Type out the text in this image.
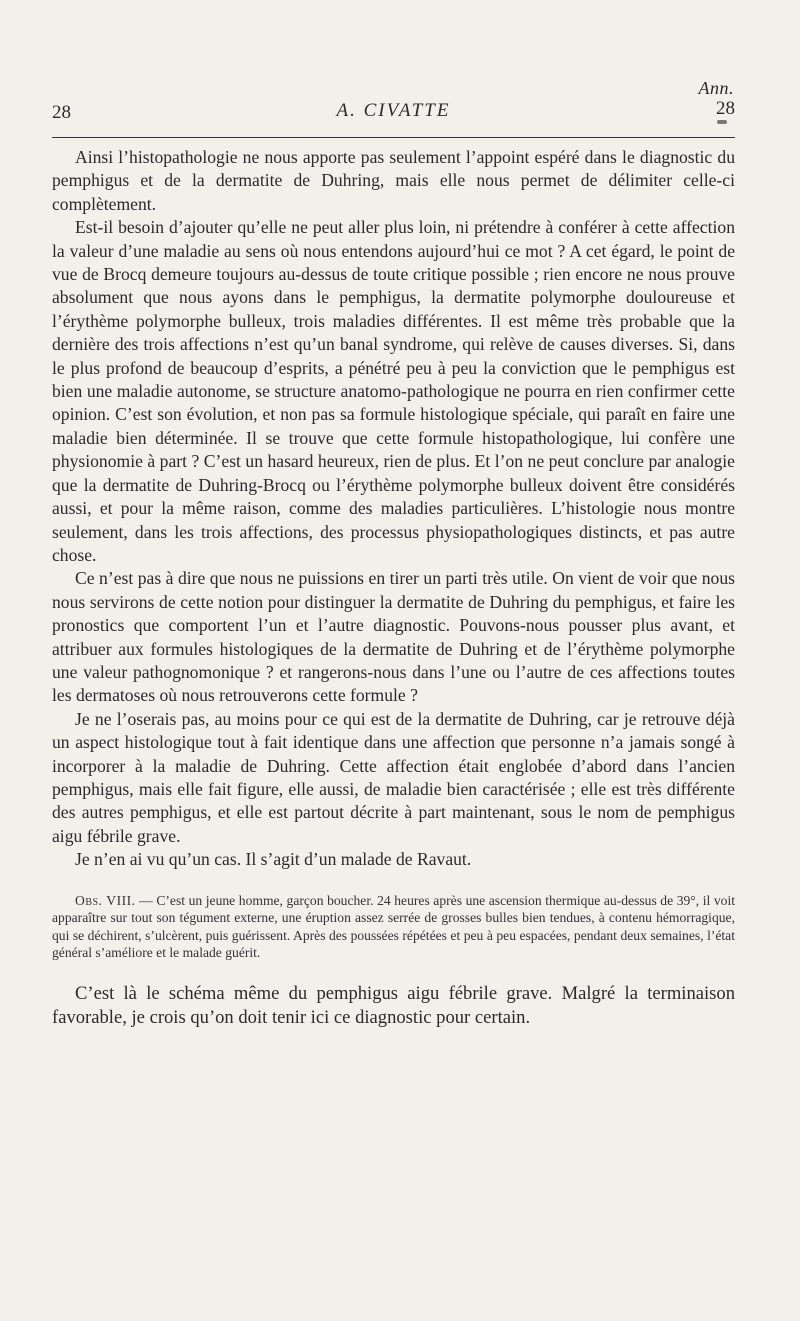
Ann.
28	A. CIVATTE	28

Ainsi l’histopathologie ne nous apporte pas seulement l’appoint espéré dans le diagnostic du pemphigus et de la dermatite de Duhring, mais elle nous permet de délimiter celle-ci complètement.

Est-il besoin d’ajouter qu’elle ne peut aller plus loin, ni prétendre à conférer à cette affection la valeur d’une maladie au sens où nous entendons aujourd’hui ce mot ? A cet égard, le point de vue de Brocq demeure toujours au-dessus de toute critique possible ; rien encore ne nous prouve absolument que nous ayons dans le pemphigus, la dermatite polymorphe douloureuse et l’érythème polymorphe bulleux, trois maladies différentes. Il est même très probable que la dernière des trois affections n’est qu’un banal syndrome, qui relève de causes diverses. Si, dans le plus profond de beaucoup d’esprits, a pénétré peu à peu la conviction que le pemphigus est bien une maladie autonome, se structure anatomo-pathologique ne pourra en rien confirmer cette opinion. C’est son évolution, et non pas sa formule histologique spéciale, qui paraît en faire une maladie bien déterminée. Il se trouve que cette formule histopathologique, lui confère une physionomie à part ? C’est un hasard heureux, rien de plus. Et l’on ne peut conclure par analogie que la dermatite de Duhring-Brocq ou l’érythème polymorphe bulleux doivent être considérés aussi, et pour la même raison, comme des maladies particulières. L’histologie nous montre seulement, dans les trois affections, des processus physiopathologiques distincts, et pas autre chose.

Ce n’est pas à dire que nous ne puissions en tirer un parti très utile. On vient de voir que nous nous servirons de cette notion pour distinguer la dermatite de Duhring du pemphigus, et faire les pronostics que comportent l’un et l’autre diagnostic. Pouvons-nous pousser plus avant, et attribuer aux formules histologiques de la dermatite de Duhring et de l’érythème polymorphe une valeur pathognomonique ? et rangerons-nous dans l’une ou l’autre de ces affections toutes les dermatoses où nous retrouverons cette formule ?

Je ne l’oserais pas, au moins pour ce qui est de la dermatite de Duhring, car je retrouve déjà un aspect histologique tout à fait identique dans une affection que personne n’a jamais songé à incorporer à la maladie de Duhring. Cette affection était englobée d’abord dans l’ancien pemphigus, mais elle fait figure, elle aussi, de maladie bien caractérisée ; elle est très différente des autres pemphigus, et elle est partout décrite à part maintenant, sous le nom de pemphigus aigu fébrile grave.

Je n’en ai vu qu’un cas. Il s’agit d’un malade de Ravaut.

Obs. VIII. — C’est un jeune homme, garçon boucher. 24 heures après une ascension thermique au-dessus de 39°, il voit apparaître sur tout son tégument externe, une éruption assez serrée de grosses bulles bien tendues, à contenu hémorragique, qui se déchirent, s’ulcèrent, puis guérissent. Après des poussées répétées et peu à peu espacées, pendant deux semaines, l’état général s’améliore et le malade guérit.

C’est là le schéma même du pemphigus aigu fébrile grave. Malgré la terminaison favorable, je crois qu’on doit tenir ici ce diagnostic pour certain.
